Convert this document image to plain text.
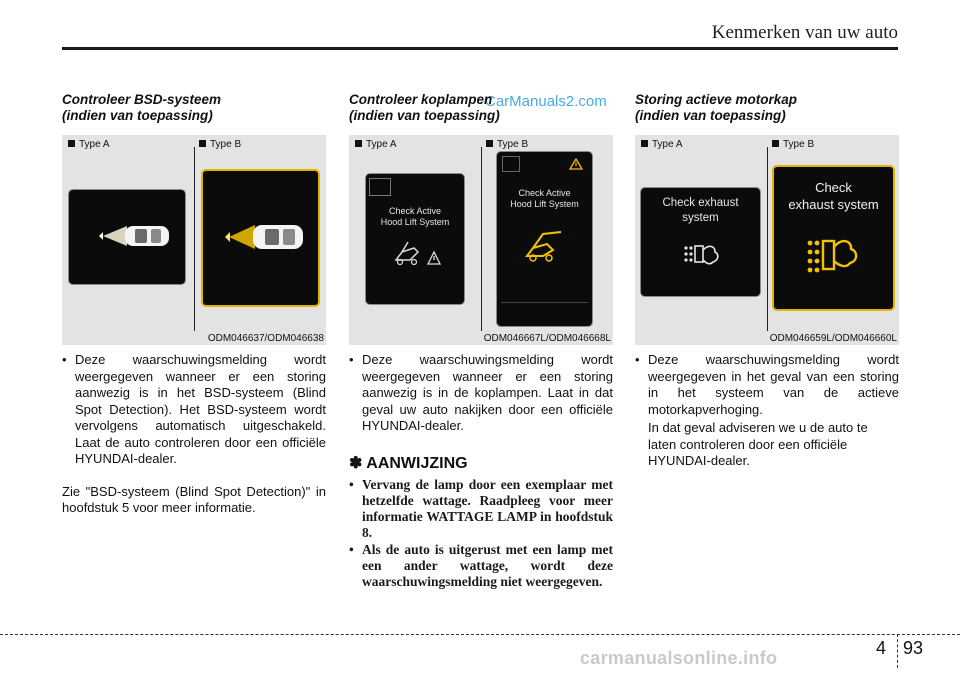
Kenmerken van uw auto
CarManuals2.com
Controleer BSD-systeem
(indien van toepassing)
Type A	Type B
ODM046637/ODM046638
• Deze waarschuwingsmelding wordt weergegeven wanneer er een storing aanwezig is in het BSD-systeem (Blind Spot Detection). Het BSD-systeem wordt vervolgens automatisch uitgeschakeld. Laat de auto controleren door een officiële HYUNDAI-dealer.
Zie "BSD-systeem (Blind Spot Detection)" in hoofdstuk 5 voor meer informatie.
Controleer koplampen
(indien van toepassing)
Type A	Type B
Check Active
Hood Lift System
Check Active
Hood Lift System
ODM046667L/ODM046668L
• Deze waarschuwingsmelding wordt weergegeven wanneer er een storing aanwezig is in de koplampen. Laat in dat geval uw auto nakijken door een officiële HYUNDAI-dealer.
✽ AANWIJZING
• Vervang de lamp door een exemplaar met hetzelfde wattage. Raadpleeg voor meer informatie WATTAGE LAMP in hoofdstuk 8.
• Als de auto is uitgerust met een lamp met een ander wattage, wordt deze waarschuwingsmelding niet weergegeven.
Storing actieve motorkap
(indien van toepassing)
Type A	Type B
Check exhaust
system
Check
exhaust system
ODM046659L/ODM046660L
• Deze waarschuwingsmelding wordt weergegeven in het geval van een storing in het systeem van de actieve motorkapverhoging.
In dat geval adviseren we u de auto te laten controleren door een officiële HYUNDAI-dealer.
4 93
carmanualsonline.info
